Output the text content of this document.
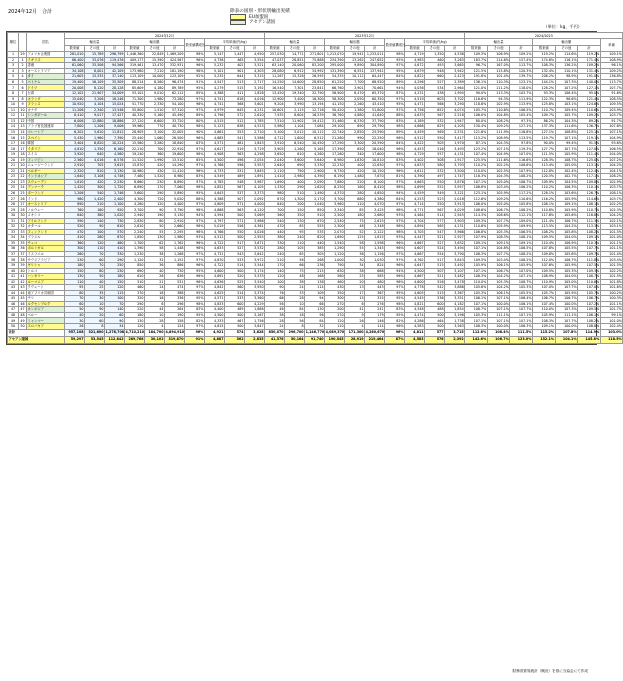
2024年12月　合計	除表の国別・形状別輸出実績
EU加盟国
アセアン諸国
（単位：kg、千円）
順位		国名	2024年12月										2023年12月										2024/2023						
			輸出量			輸出額			数来値構成比	平均単価(円/kg)			輸出量			輸出額			数来値構成比	平均単価(円/kg)			輸出量			輸出額			単価
			数来値	その他	計	数来値	その他	計		数来値	その他	計	数来値	その他	計	数来値	その他	計		数来値	その他	計	数来値	その他	計	数来値	その他	計	
1	29	アメリカ合衆国	281,010	15,789	296,799	1,446,360	22,849	1,469,209	98%	5,147	1,447	4,950	257,030	14,771	271,801	1,213,070	19,941	1,233,011	98%	4,719	1,350	4,536	109.3%	106.9%	109.2%	119.2%	114.6%	119.2%	109.1%
2	1	イギリス	86,400	33,076	119,476	409,177	15,390	424,567	96%	4,736	465	3,554	47,037	28,851	75,888	234,390	13,262	247,652	95%	4,983	460	3,263	183.7%	114.6%	157.4%	174.6%	116.1%	171.4%	108.9%
3	2	香港	61,060	33,506	94,566	319,461	13,470	332,931	96%	5,232	402	3,521	63,140	20,060	83,200	295,000	9,890	304,890	97%	4,672	493	3,665	96.7%	167.0%	113.7%	108.3%	136.2%	109.2%	96.1%
4	3	オーストラリア	34,108	8,001	42,109	173,980	7,210	181,190	96%	5,101	901	4,303	28,080	6,912	34,992	131,390	6,551	137,941	95%	4,679	948	3,942	121.5%	115.8%	120.3%	132.4%	110.1%	131.4%	109.2%
5	4	タイ	21,605	15,535	37,140	113,109	10,000	123,109	92%	5,235	644	3,315	11,267	15,328	26,595	54,335	10,112	64,447	84%	4,822	660	2,423	191.8%	101.4%	139.7%	208.2%	98.9%	191.0%	136.8%
6	5	ベトナム	19,400	16,109	35,509	88,214	8,260	96,474	91%	4,547	513	2,717	14,250	14,600	28,850	61,220	7,700	68,920	89%	4,296	527	2,389	136.1%	110.3%	123.1%	144.1%	107.3%	140.0%	113.7%
7	6	ドイツ	20,008	8,120	28,128	85,609	4,180	89,789	95%	4,279	515	3,192	16,540	7,301	23,841	66,760	3,901	70,661	94%	4,036	534	2,964	121.0%	111.2%	118.0%	128.2%	107.2%	127.1%	107.7%
8	7	台湾	12,102	21,907	34,009	53,102	9,010	62,112	85%	4,388	411	1,826	13,450	19,340	32,790	56,900	8,470	65,370	87%	4,231	438	1,994	90.0%	113.3%	103.7%	93.3%	106.4%	95.0%	91.6%
9	8	オランダ	15,040	3,206	18,246	71,300	1,980	73,280	97%	4,741	618	4,016	12,900	3,400	16,300	58,300	2,050	60,350	97%	4,519	603	3,702	116.6%	94.3%	111.9%	122.3%	96.6%	121.4%	108.5%
10	9	フランス	10,920	4,104	15,024	51,770	2,330	54,100	96%	4,741	568	3,601	9,204	3,990	13,194	41,150	2,260	43,410	95%	4,471	566	3,290	118.6%	102.9%	113.9%	125.8%	103.1%	124.6%	109.5%
11	10	カナダ	11,206	2,340	13,546	55,800	1,510	57,310	97%	4,979	645	4,231	10,601	2,115	12,716	50,420	1,380	51,800	97%	4,756	652	4,074	105.7%	110.6%	106.5%	110.7%	109.4%	110.6%	103.9%
12	11	シンガポール	8,410	9,017	17,427	40,330	5,160	45,490	89%	4,796	572	2,610	7,935	8,604	16,539	36,760	4,880	41,640	88%	4,633	567	2,518	106.0%	104.8%	105.4%	109.7%	105.7%	109.2%	103.7%
13	12	中国	6,006	12,880	18,886	27,120	6,600	33,720	80%	4,515	512	1,785	7,510	11,902	19,412	31,460	6,330	37,790	83%	4,189	532	1,947	80.0%	108.2%	97.3%	86.2%	104.3%	89.2%	91.7%
14	13	アラブ首長国連邦	7,800	1,206	9,006	39,960	770	40,730	98%	5,123	638	4,523	5,980	1,104	7,084	29,100	690	29,790	98%	4,866	625	4,205	130.4%	109.2%	127.1%	137.3%	111.6%	136.7%	107.6%
15	14	マレーシア	6,202	5,610	11,812	28,905	3,100	32,005	90%	4,661	553	2,710	5,100	5,012	10,112	22,740	2,850	25,590	89%	4,459	569	2,531	121.6%	111.9%	116.8%	127.1%	108.8%	125.1%	107.1%
16	15	スペイン	5,430	1,960	7,390	25,440	1,060	26,500	96%	4,685	541	3,586	4,712	1,800	6,512	21,260	990	22,250	96%	4,512	550	3,417	115.2%	108.9%	113.5%	119.7%	107.1%	119.1%	104.9%
17	16	韓国	3,404	6,820	10,224	15,560	3,280	18,840	83%	4,571	481	1,843	3,910	6,540	10,450	17,290	3,300	20,590	84%	4,422	505	1,970	87.1%	104.3%	97.8%	90.0%	99.4%	91.5%	93.6%
18	17	イタリア	4,810	1,350	6,160	22,210	700	22,910	97%	4,617	519	3,719	3,905	1,260	5,165	17,390	650	18,040	96%	4,453	516	3,493	123.2%	107.1%	119.3%	127.7%	107.7%	127.0%	106.5%
19	18	スイス	3,920	640	4,560	19,240	360	19,600	98%	4,908	563	4,298	3,650	610	4,260	17,260	340	17,600	98%	4,729	557	4,131	107.4%	104.9%	107.0%	111.5%	105.9%	111.4%	104.0%
20	19	フィリピン	2,560	4,016	6,576	11,520	1,990	13,510	85%	4,500	496	2,054	2,040	3,600	5,640	8,980	1,830	10,810	83%	4,402	508	1,917	125.5%	111.6%	116.6%	128.3%	108.7%	125.0%	107.2%
21	20	ニュージーランド	2,910	705	3,615	13,870	420	14,290	97%	4,766	596	3,953	2,640	690	3,330	12,230	400	12,630	97%	4,633	580	3,793	110.2%	102.2%	108.6%	113.4%	105.0%	113.1%	104.2%
22	21	ベルギー	2,320	810	3,130	10,980	430	11,410	96%	4,733	531	3,645	2,110	790	2,900	9,730	420	10,150	96%	4,611	532	3,500	110.0%	102.5%	107.9%	112.8%	102.4%	112.4%	104.1%
23	22	インドネシア	1,640	3,108	4,748	7,460	1,520	8,980	83%	4,549	489	1,891	1,410	2,980	4,390	6,190	1,480	7,670	81%	4,390	497	1,747	116.3%	104.3%	108.2%	120.5%	102.7%	117.1%	108.2%
24	23	スウェーデン	1,810	420	2,230	8,660	230	8,890	97%	4,785	548	3,987	1,690	400	2,090	7,880	220	8,100	97%	4,663	550	3,876	107.1%	105.0%	106.7%	109.9%	104.5%	109.8%	102.9%
25	24	デンマーク	1,420	300	1,720	6,890	170	7,060	98%	4,852	567	4,105	1,330	290	1,620	6,250	160	6,410	98%	4,699	552	3,957	106.8%	103.4%	106.2%	110.2%	106.3%	110.1%	103.7%
26	25	ポーランド	1,206	540	1,746	5,600	290	5,890	95%	4,643	537	3,373	980	510	1,490	4,370	280	4,650	94%	4,459	549	3,121	123.1%	105.9%	117.2%	128.1%	103.6%	126.7%	108.1%
27	26	インド	980	1,420	2,400	4,300	720	5,020	86%	4,388	507	2,092	870	1,300	2,170	3,700	680	4,380	84%	4,253	523	2,018	112.6%	109.2%	110.6%	116.2%	105.9%	114.6%	103.7%
28	27	オーストリア	890	210	1,100	4,280	120	4,400	97%	4,809	571	4,000	840	200	1,040	3,960	110	4,070	97%	4,714	550	3,913	106.0%	105.0%	105.8%	108.1%	109.1%	108.1%	102.2%
29	28	ノルウェー	760	160	920	3,700	90	3,790	98%	4,868	563	4,120	700	150	850	3,340	85	3,425	98%	4,771	567	4,029	108.6%	106.7%	108.2%	110.8%	105.9%	110.7%	102.3%
30	30	メキシコ	640	380	1,020	2,940	190	3,130	94%	4,594	500	3,069	560	350	910	2,500	180	2,680	93%	4,464	514	2,945	114.3%	108.6%	112.1%	117.6%	105.6%	116.8%	104.2%
31	31	アイルランド	590	140	730	2,830	80	2,910	97%	4,797	571	3,986	540	130	670	2,540	75	2,615	97%	4,704	577	3,903	109.3%	107.7%	109.0%	111.4%	106.7%	111.3%	102.1%
32	32	カタール	520	90	610	2,610	50	2,660	98%	5,019	556	4,361	470	85	555	2,300	48	2,348	98%	4,894	565	4,231	110.6%	105.9%	109.9%	113.5%	104.2%	113.3%	103.1%
33	33	フィンランド	470	100	570	2,240	55	2,295	98%	4,766	550	4,026	440	95	535	2,070	52	2,122	98%	4,705	547	3,966	106.8%	105.3%	106.5%	108.2%	105.8%	108.2%	101.5%
34	34	ブラジル	410	260	670	1,850	130	1,980	93%	4,512	500	2,955	380	240	620	1,690	125	1,815	93%	4,447	521	2,927	107.9%	108.3%	108.1%	109.5%	104.0%	109.1%	101.0%
35	35	チェコ	360	120	480	1,700	62	1,762	96%	4,722	517	3,671	330	110	440	1,540	58	1,598	96%	4,667	527	3,632	109.1%	109.1%	109.1%	110.4%	106.9%	110.3%	101.1%
36	36	ポルトガル	300	110	410	1,390	58	1,448	96%	4,633	527	3,532	280	105	385	1,290	55	1,345	96%	4,607	524	3,494	107.1%	104.8%	106.5%	107.8%	105.5%	107.7%	101.1%
37	37	イスラエル	260	70	330	1,230	38	1,268	97%	4,731	543	3,842	240	65	305	1,120	36	1,156	97%	4,667	554	3,790	108.3%	107.7%	108.2%	109.8%	105.6%	109.7%	101.4%
38	38	サウジアラビア	230	60	290	1,120	32	1,152	97%	4,870	533	3,972	210	58	268	1,000	30	1,030	97%	4,762	517	3,843	109.5%	103.4%	108.2%	112.0%	106.7%	111.8%	103.4%
39	39	ギリシャ	180	70	250	850	36	886	96%	4,722	514	3,544	170	66	236	790	34	824	96%	4,647	515	3,492	105.9%	106.1%	105.9%	107.6%	105.9%	107.5%	101.5%
40	40	トルコ	150	80	230	690	40	730	95%	4,600	500	3,174	140	75	215	630	38	668	94%	4,500	507	3,107	107.1%	106.7%	107.0%	109.5%	105.3%	109.3%	102.2%
41	41	ハンガリー	130	50	180	610	26	636	96%	4,692	520	3,533	120	48	168	560	25	585	96%	4,667	521	3,482	108.3%	104.2%	107.1%	108.9%	104.0%	108.7%	101.5%
42	42	ルーマニア	110	40	150	510	21	531	96%	4,636	525	3,540	100	38	138	460	20	480	96%	4,600	526	3,478	110.0%	105.3%	108.7%	110.9%	105.0%	110.6%	101.8%
43	43	クウェート	95	25	120	460	14	474	97%	4,842	560	3,950	90	24	114	430	13	443	97%	4,778	542	3,886	105.6%	104.2%	105.3%	107.0%	107.7%	107.0%	101.6%
44	44	南アフリカ共和国	80	35	115	370	18	388	95%	4,625	514	3,374	76	33	109	350	17	367	95%	4,605	515	3,367	105.3%	106.1%	105.5%	105.7%	105.9%	105.7%	100.2%
45	45	チリ	70	30	100	320	16	336	95%	4,571	533	3,360	66	28	94	300	15	315	95%	4,545	536	3,351	106.1%	107.1%	106.4%	106.7%	106.7%	106.7%	100.3%
46	46	ルクセンブルク	60	10	70	290	6	296	98%	4,833	600	4,229	56	10	66	270	6	276	98%	4,821	600	4,182	107.1%	100.0%	106.1%	107.4%	100.0%	107.2%	101.1%
47	47	カンボジア	50	90	140	220	44	264	83%	4,400	489	1,886	46	84	130	200	41	241	83%	4,348	488	1,854	108.7%	107.1%	107.7%	110.0%	107.3%	109.5%	101.7%
48	48	ペルー	40	20	60	180	10	190	95%	4,500	500	3,167	38	18	56	170	9	179	95%	4,474	500	3,196	105.3%	111.1%	107.1%	105.9%	111.1%	106.1%	99.1%
49	49	ミャンマー	30	60	90	130	28	158	82%	4,333	467	1,756	28	56	84	120	26	146	82%	4,286	464	1,738	107.1%	107.1%	107.1%	108.3%	107.7%	108.2%	101.0%
50	50	スロバキア	26	8	34	120	4	124	97%	4,615	500	3,647	24	8	32	110	4	114	96%	4,583	500	3,563	108.3%	100.0%	106.3%	109.1%	100.0%	108.8%	102.4%
合計			957,108	321,600	1,278,708	4,710,210	184,700	4,894,910	96%	4,921	574	3,828	850,070	296,700	1,146,770	4,089,370	171,300	4,260,670	96%	4,811	577	3,715	112.6%	108.4%	111.5%	115.2%	107.8%	114.9%	103.0%
アセアン諸国			59,297	53,545	112,842	289,768	30,102	319,870	91%	4,887	562	2,835	41,576	50,164	91,740	190,545	28,919	219,464	87%	4,583	576	2,392	142.6%	106.7%	123.0%	152.1%	104.1%	145.8%	118.5%
財務省貿易統計（概況）を基に当協会にて作成
